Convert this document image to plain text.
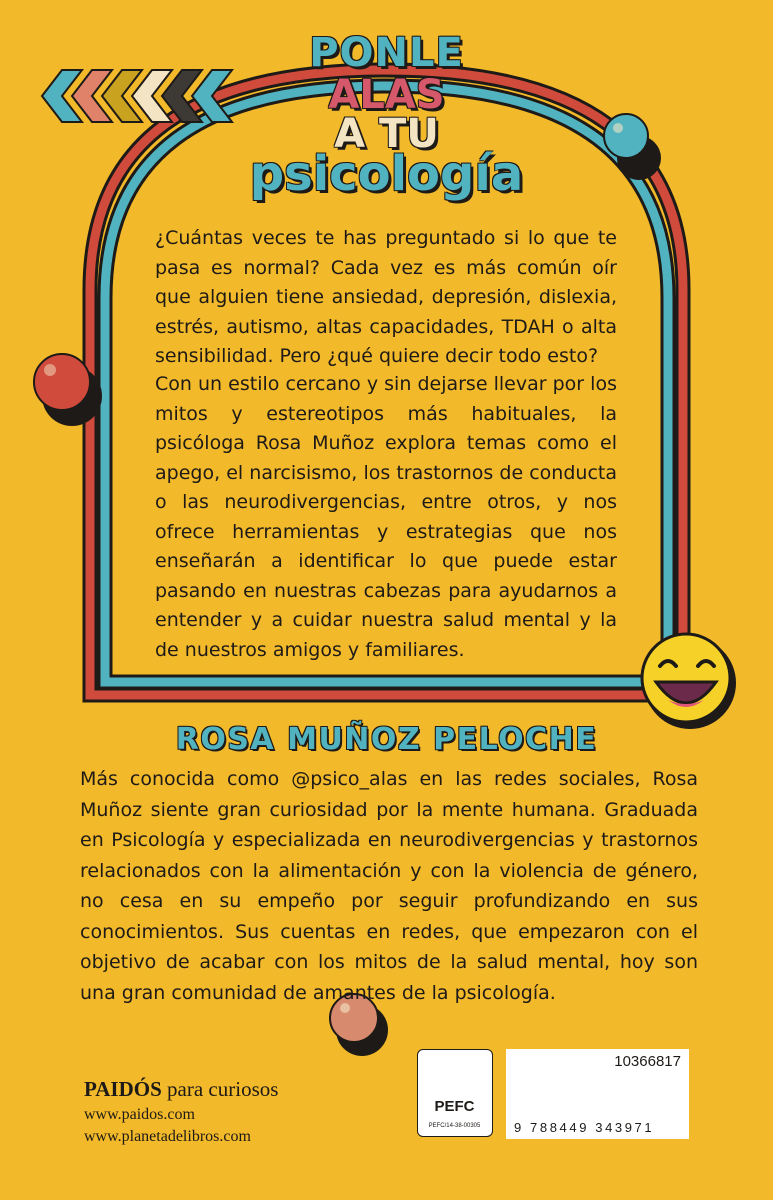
PONLE
ALAS
A TU
psicología

¿Cuántas veces te has preguntado si lo que te pasa es normal? Cada vez es más común oír que alguien tiene ansiedad, depresión, dislexia, estrés, autismo, altas capacidades, TDAH o alta sensibilidad. Pero ¿qué quiere decir todo esto?

Con un estilo cercano y sin dejarse llevar por los mitos y estereotipos más habituales, la psicóloga Rosa Muñoz explora temas como el apego, el narcisismo, los trastornos de conducta o las neurodivergencias, entre otros, y nos ofrece herramientas y estrategias que nos enseñarán a identificar lo que puede estar pasando en nuestras cabezas para ayudarnos a entender y a cuidar nuestra salud mental y la de nuestros amigos y familiares.

ROSA MUÑOZ PELOCHE

Más conocida como @psico_alas en las redes sociales, Rosa Muñoz siente gran curiosidad por la mente humana. Graduada en Psicología y especializada en neurodivergencias y trastornos relacionados con la alimentación y con la violencia de género, no cesa en su empeño por seguir profundizando en sus conocimientos. Sus cuentas en redes, que empezaron con el objetivo de acabar con los mitos de la salud mental, hoy son una gran comunidad de amantes de la psicología.

PAIDÓS para curiosos

www.paidos.com

www.planetadelibros.com

PEFC

PEFC/14-38-00305

10366817

9 788449 343971
